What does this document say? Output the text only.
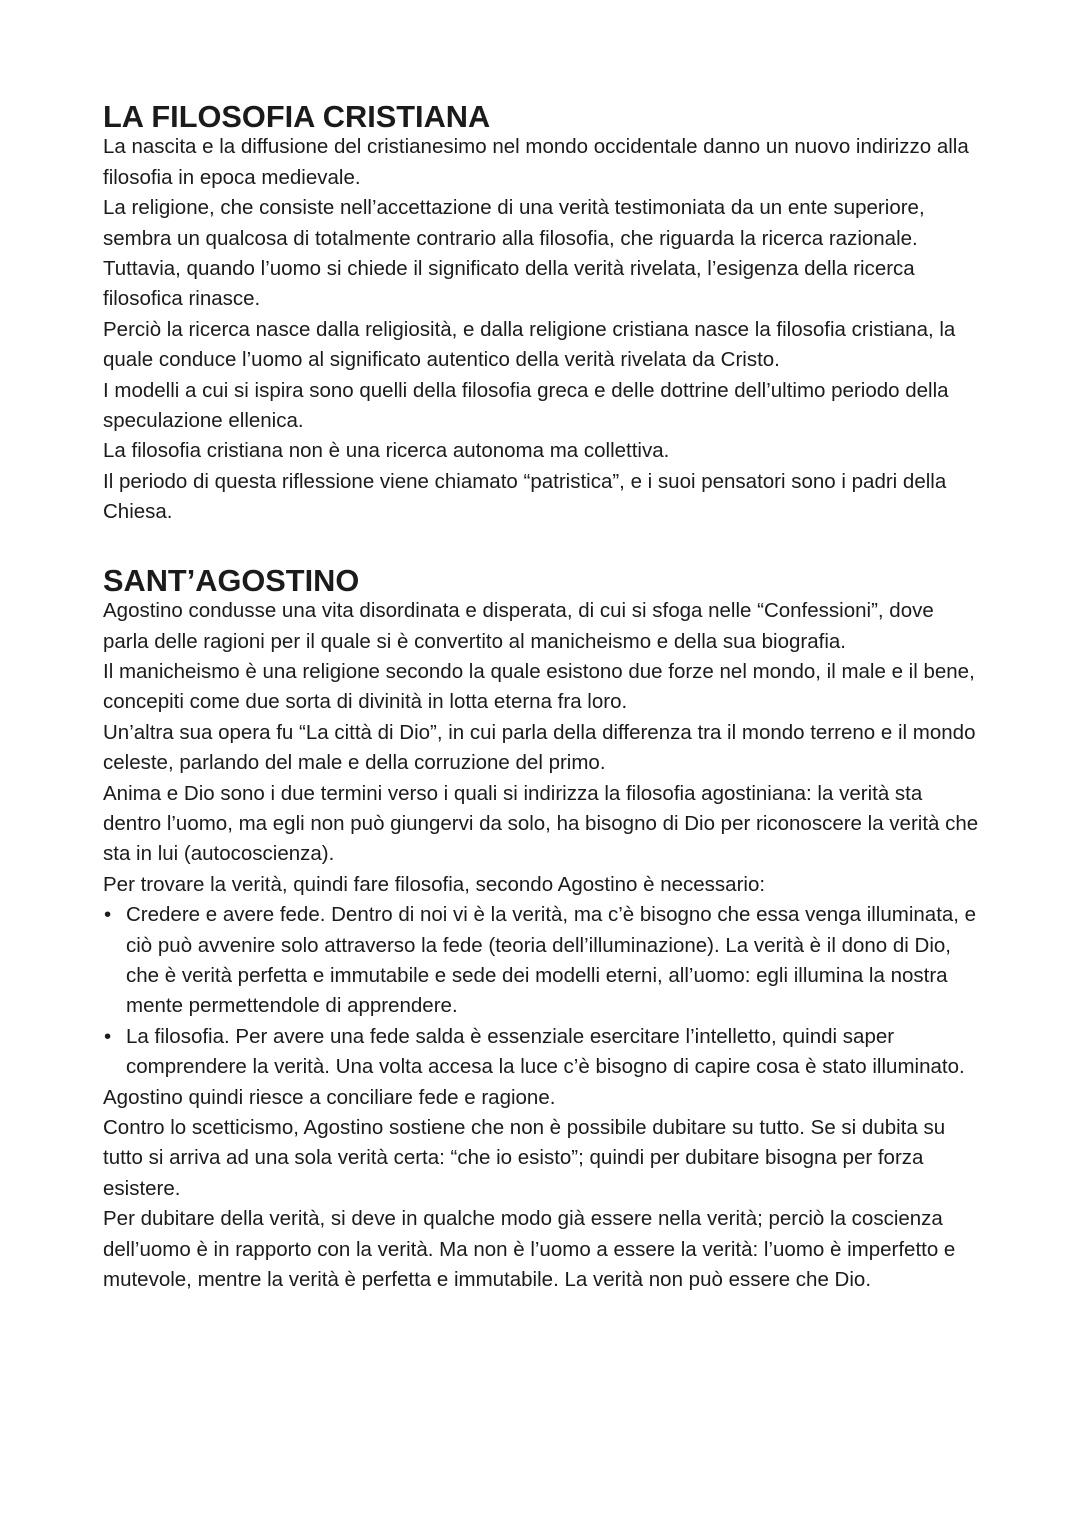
LA FILOSOFIA CRISTIANA

La nascita e la diffusione del cristianesimo nel mondo occidentale danno un nuovo indirizzo alla filosofia in epoca medievale.

La religione, che consiste nell’accettazione di una verità testimoniata da un ente superiore, sembra un qualcosa di totalmente contrario alla filosofia, che riguarda la ricerca razionale.

Tuttavia, quando l’uomo si chiede il significato della verità rivelata, l’esigenza della ricerca filosofica rinasce.

Perciò la ricerca nasce dalla religiosità, e dalla religione cristiana nasce la filosofia cristiana, la quale conduce l’uomo al significato autentico della verità rivelata da Cristo.

I modelli a cui si ispira sono quelli della filosofia greca e delle dottrine dell’ultimo periodo della speculazione ellenica.

La filosofia cristiana non è una ricerca autonoma ma collettiva.

Il periodo di questa riflessione viene chiamato “patristica”, e i suoi pensatori sono i padri della Chiesa.

SANT’AGOSTINO

Agostino condusse una vita disordinata e disperata, di cui si sfoga nelle “Confessioni”, dove parla delle ragioni per il quale si è convertito al manicheismo e della sua biografia.

Il manicheismo è una religione secondo la quale esistono due forze nel mondo, il male e il bene, concepiti come due sorta di divinità in lotta eterna fra loro.

Un’altra sua opera fu “La città di Dio”, in cui parla della differenza tra il mondo terreno e il mondo celeste, parlando del male e della corruzione del primo.

Anima e Dio sono i due termini verso i quali si indirizza la filosofia agostiniana: la verità sta dentro l’uomo, ma egli non può giungervi da solo, ha bisogno di Dio per riconoscere la verità che sta in lui (autocoscienza).

Per trovare la verità, quindi fare filosofia, secondo Agostino è necessario:

• Credere e avere fede. Dentro di noi vi è la verità, ma c’è bisogno che essa venga illuminata, e ciò può avvenire solo attraverso la fede (teoria dell’illuminazione). La verità è il dono di Dio, che è verità perfetta e immutabile e sede dei modelli eterni, all’uomo: egli illumina la nostra mente permettendole di apprendere.
• La filosofia. Per avere una fede salda è essenziale esercitare l’intelletto, quindi saper comprendere la verità. Una volta accesa la luce c’è bisogno di capire cosa è stato illuminato.

Agostino quindi riesce a conciliare fede e ragione.

Contro lo scetticismo, Agostino sostiene che non è possibile dubitare su tutto. Se si dubita su tutto si arriva ad una sola verità certa: “che io esisto”; quindi per dubitare bisogna per forza esistere.

Per dubitare della verità, si deve in qualche modo già essere nella verità; perciò la coscienza dell’uomo è in rapporto con la verità. Ma non è l’uomo a essere la verità: l’uomo è imperfetto e mutevole, mentre la verità è perfetta e immutabile. La verità non può essere che Dio.
